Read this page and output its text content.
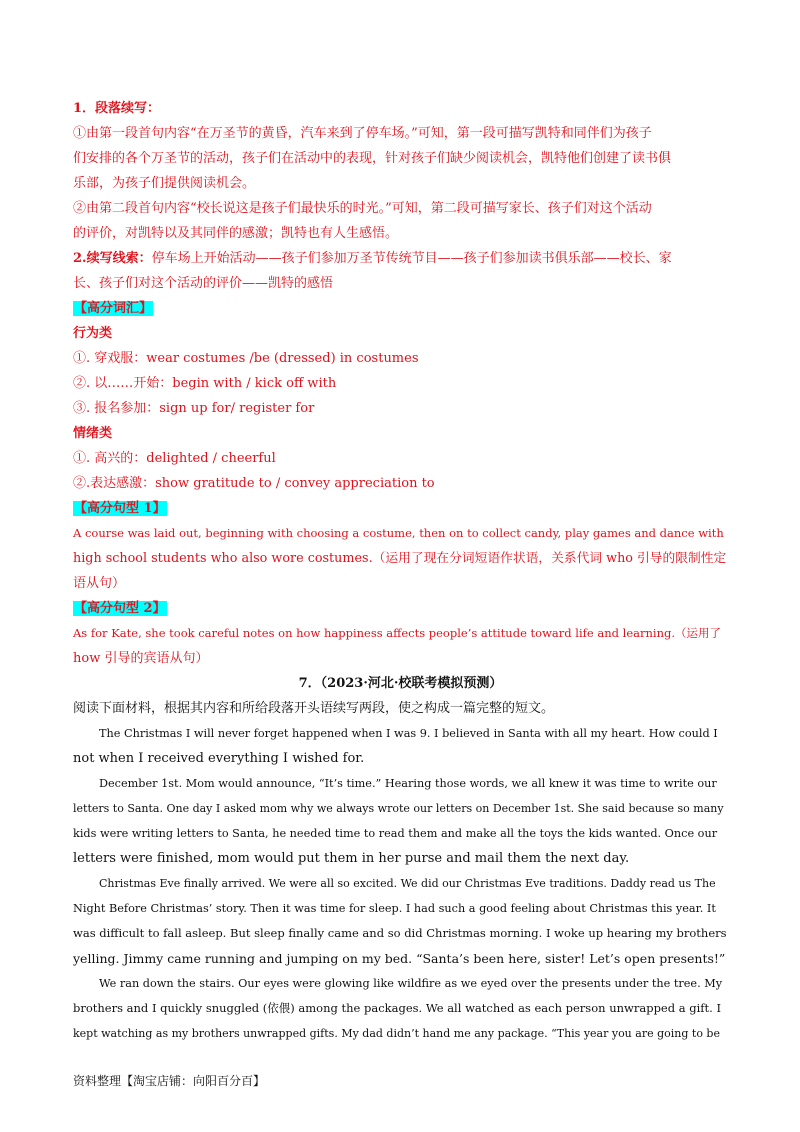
1．段落续写：
①由第一段首句内容“在万圣节的黄昏，汽车来到了停车场。”可知，第一段可描写凯特和同伴们为孩子
们安排的各个万圣节的活动，孩子们在活动中的表现，针对孩子们缺少阅读机会，凯特他们创建了读书俱
乐部，为孩子们提供阅读机会。
②由第二段首句内容“校长说这是孩子们最快乐的时光。”可知，第二段可描写家长、孩子们对这个活动
的评价，对凯特以及其同伴的感激；凯特也有人生感悟。
2.续写线索：停车场上开始活动——孩子们参加万圣节传统节目——孩子们参加读书俱乐部——校长、家
长、孩子们对这个活动的评价——凯特的感悟
【高分词汇】
行为类
①. 穿戏服：wear costumes /be (dressed) in costumes
②. 以……开始：begin with / kick off with
③. 报名参加：sign up for/ register for
情绪类
①. 高兴的：delighted / cheerful
②.表达感激：show gratitude to / convey appreciation to
【高分句型 1】
A course was laid out, beginning with choosing a costume, then on to collect candy, play games and dance with
high school students who also wore costumes.（运用了现在分词短语作状语，关系代词 who 引导的限制性定
语从句）
【高分句型 2】
As for Kate, she took careful notes on how happiness affects people’s attitude toward life and learning.（运用了
how 引导的宾语从句）
7．（2023·河北·校联考模拟预测）
阅读下面材料，根据其内容和所给段落开头语续写两段，使之构成一篇完整的短文。
The Christmas I will never forget happened when I was 9. I believed in Santa with all my heart. How could I
not when I received everything I wished for.
December 1st. Mom would announce, “It’s time.” Hearing those words, we all knew it was time to write our
letters to Santa. One day I asked mom why we always wrote our letters on December 1st. She said because so many
kids were writing letters to Santa, he needed time to read them and make all the toys the kids wanted. Once our
letters were finished, mom would put them in her purse and mail them the next day.
Christmas Eve finally arrived. We were all so excited. We did our Christmas Eve traditions. Daddy read us The
Night Before Christmas’ story. Then it was time for sleep. I had such a good feeling about Christmas this year. It
was difficult to fall asleep. But sleep finally came and so did Christmas morning. I woke up hearing my brothers
yelling. Jimmy came running and jumping on my bed. “Santa’s been here, sister! Let’s open presents!”
We ran down the stairs. Our eyes were glowing like wildfire as we eyed over the presents under the tree. My
brothers and I quickly snuggled (依偎) among the packages. We all watched as each person unwrapped a gift. I
kept watching as my brothers unwrapped gifts. My dad didn’t hand me any package. “This year you are going to be
资料整理【淘宝店铺：向阳百分百】
